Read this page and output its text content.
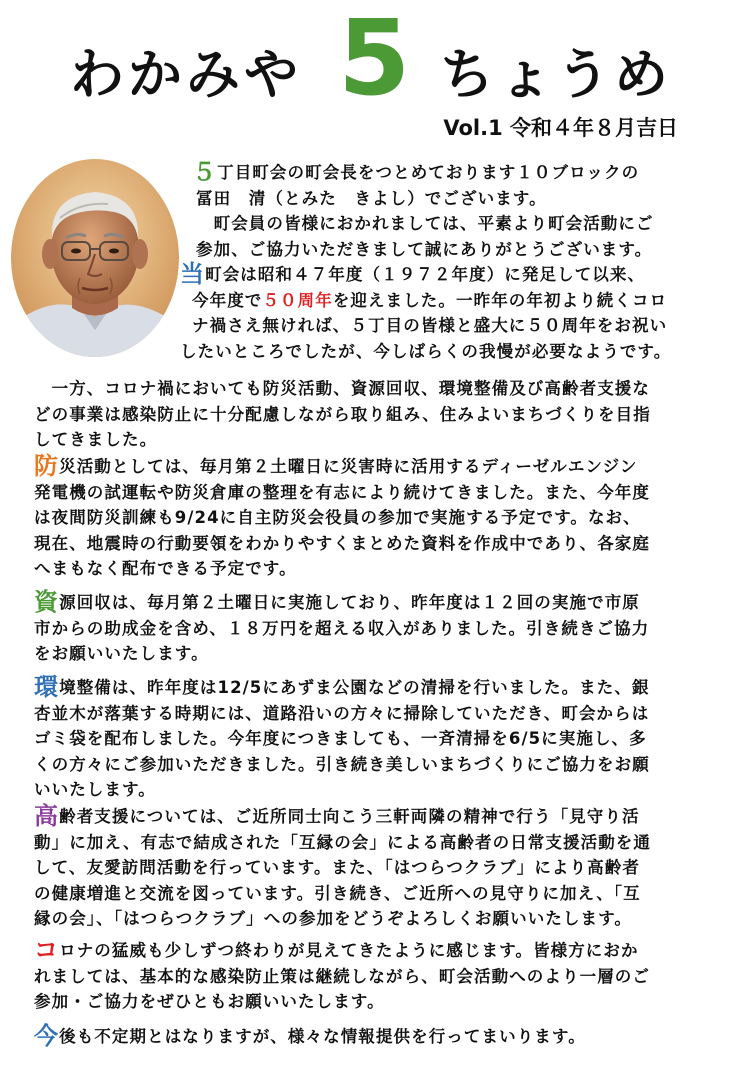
わかみや 5 ちょうめ
Vol.1 令和４年８月吉日
５丁目町会の町会長をつとめております１０ブロックの
冨田　清（とみた　きよし）でございます。
　町会員の皆様におかれましては、平素より町会活動にご
参加、ご協力いただきまして誠にありがとうございます。
当町会は昭和４７年度（１９７２年度）に発足して以来、
今年度で５０周年を迎えました。一昨年の年初より続くコロ
ナ禍さえ無ければ、５丁目の皆様と盛大に５０周年をお祝い
したいところでしたが、今しばらくの我慢が必要なようです。
　一方、コロナ禍においても防災活動、資源回収、環境整備及び高齢者支援な
どの事業は感染防止に十分配慮しながら取り組み、住みよいまちづくりを目指
してきました。
防災活動としては、毎月第２土曜日に災害時に活用するディーゼルエンジン
発電機の試運転や防災倉庫の整理を有志により続けてきました。また、今年度
は夜間防災訓練も9/24に自主防災会役員の参加で実施する予定です。なお、
現在、地震時の行動要領をわかりやすくまとめた資料を作成中であり、各家庭
へまもなく配布できる予定です。
資源回収は、毎月第２土曜日に実施しており、昨年度は１２回の実施で市原
市からの助成金を含め、１８万円を超える収入がありました。引き続きご協力
をお願いいたします。
環境整備は、昨年度は12/5にあずま公園などの清掃を行いました。また、銀
杏並木が落葉する時期には、道路沿いの方々に掃除していただき、町会からは
ゴミ袋を配布しました。今年度につきましても、一斉清掃を6/5に実施し、多
くの方々にご参加いただきました。引き続き美しいまちづくりにご協力をお願
いいたします。
高齢者支援については、ご近所同士向こう三軒両隣の精神で行う「見守り活
動」に加え、有志で結成された「互縁の会」による高齢者の日常支援活動を通
して、友愛訪問活動を行っています。また、「はつらつクラブ」により高齢者
の健康増進と交流を図っています。引き続き、ご近所への見守りに加え、「互
縁の会」、「はつらつクラブ」への参加をどうぞよろしくお願いいたします。
コロナの猛威も少しずつ終わりが見えてきたように感じます。皆様方におか
れましては、基本的な感染防止策は継続しながら、町会活動へのより一層のご
参加・ご協力をぜひともお願いいたします。
今後も不定期とはなりますが、様々な情報提供を行ってまいります。
